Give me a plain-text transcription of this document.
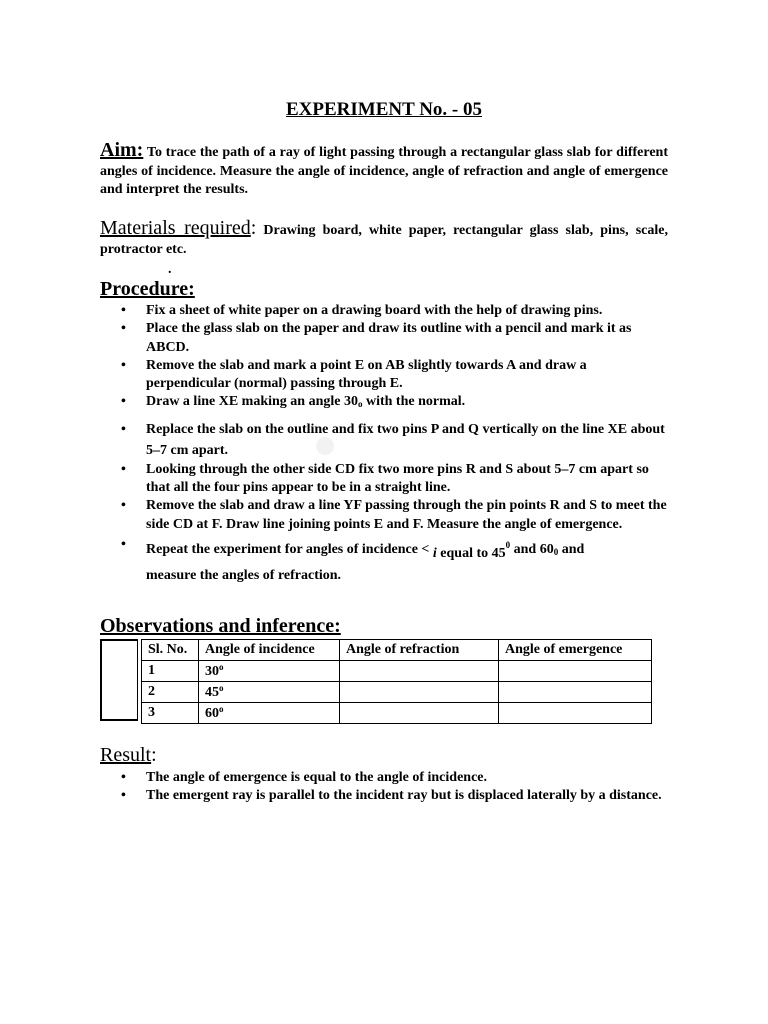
EXPERIMENT No. - 05
Aim: To trace the path of a ray of light passing through a rectangular glass slab for different angles of incidence. Measure the angle of incidence, angle of refraction and angle of emergence and interpret the results.
Materials required: Drawing board, white paper, rectangular glass slab, pins, scale, protractor etc.
.
Procedure:
• Fix a sheet of white paper on a drawing board with the help of drawing pins.
• Place the glass slab on the paper and draw its outline with a pencil and mark it as ABCD.
• Remove the slab and mark a point E on AB slightly towards A and draw a perpendicular (normal) passing through E.
• Draw a line XE making an angle $30_o$ with the normal.
• Replace the slab on the outline and fix two pins P and Q vertically on the line XE about 5–7 cm apart.
• Looking through the other side CD fix two more pins R and S about 5–7 cm apart so that all the four pins appear to be in a straight line.
• Remove the slab and draw a line YF passing through the pin points R and S to meet the side CD at F. Draw line joining points E and F. Measure the angle of emergence.
• Repeat the experiment for angles of incidence < i equal to $45^0$ and $60_0$ and
measure the angles of refraction.
Observations and inference:
Sl. No.	Angle of incidence	Angle of refraction	Angle of emergence
1	30$^o$		
2	45$^o$		
3	60$^o$		
Result:
• The angle of emergence is equal to the angle of incidence.
• The emergent ray is parallel to the incident ray but is displaced laterally by a distance.
